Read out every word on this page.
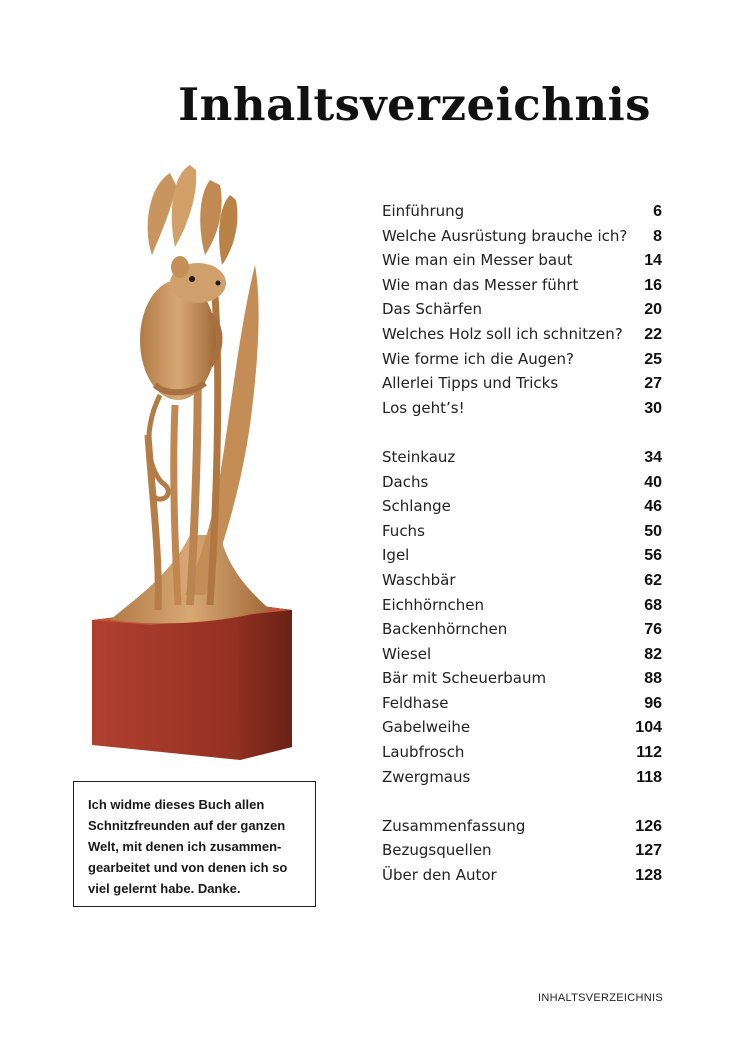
Inhaltsverzeichnis
Einführung	6
Welche Ausrüstung brauche ich? 8
Wie man ein Messer baut	14
Wie man das Messer führt	16
Das Schärfen	20
Welches Holz soll ich schnitzen? 22
Wie forme ich die Augen?	25
Allerlei Tipps und Tricks	27
Los geht’s!	30
Steinkauz	34
Dachs	40
Schlange	46
Fuchs	50
Igel	56
Waschbär	62
Eichhörnchen	68
Backenhörnchen	76
Wiesel	82
Bär mit Scheuerbaum	88
Feldhase	96
Gabelweihe	104
Laubfrosch	112
Zwergmaus	118
Zusammenfassung	126
Bezugsquellen	127
Über den Autor	128
Ich widme dieses Buch allen
Schnitzfreunden auf der ganzen
Welt, mit denen ich zusammen-
gearbeitet und von denen ich so
viel gelernt habe. Danke.
INHALTSVERZEICHNIS
